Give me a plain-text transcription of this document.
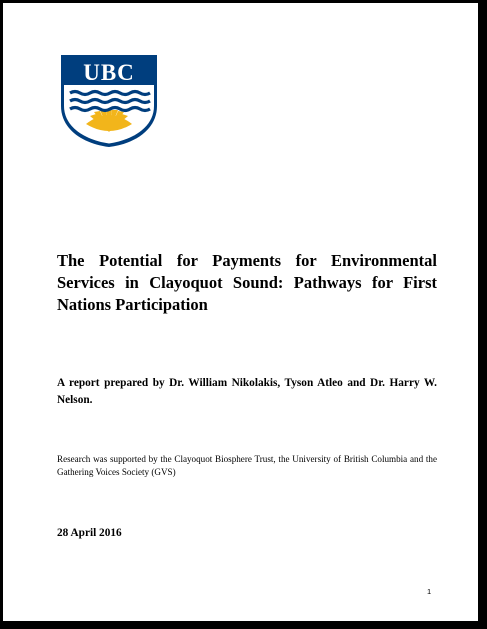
UBC
The Potential for Payments for Environmental Services in Clayoquot Sound: Pathways for First Nations Participation
A report prepared by Dr. William Nikolakis, Tyson Atleo and Dr. Harry W. Nelson.
Research was supported by the Clayoquot Biosphere Trust, the University of British Columbia and the Gathering Voices Society (GVS)
28 April 2016
1
